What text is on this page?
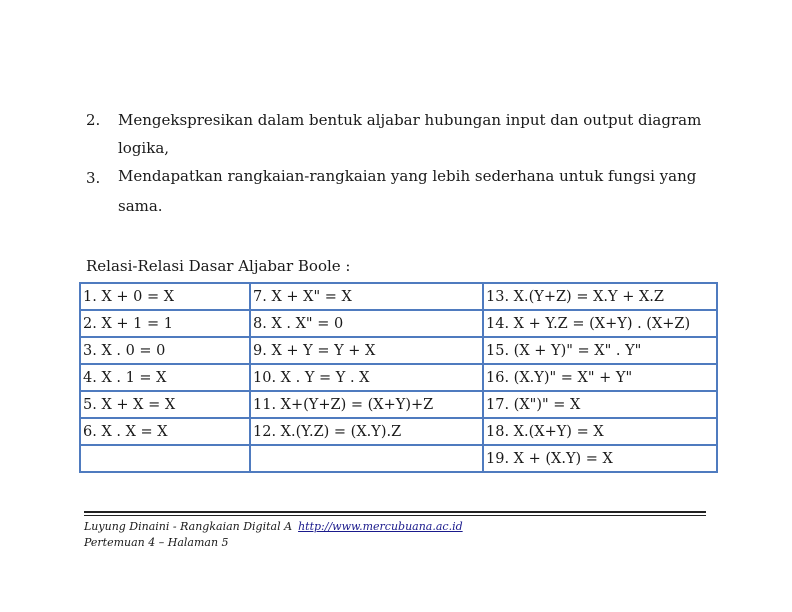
2. Mengekspresikan dalam bentuk aljabar hubungan input dan output diagram
logika,
3. Mendapatkan rangkaian-rangkaian yang lebih sederhana untuk fungsi yang
sama.
Relasi-Relasi Dasar Aljabar Boole :
1. X + 0 = X	7. X + X" = X	13. X.(Y+Z) = X.Y + X.Z
2. X + 1 = 1	8. X . X" = 0	14. X + Y.Z = (X+Y) . (X+Z)
3. X . 0 = 0	9. X + Y = Y + X	15. (X + Y)" = X" . Y"
4. X . 1 = X	10. X . Y = Y . X	16. (X.Y)" = X" + Y"
5. X + X = X	11. X+(Y+Z) = (X+Y)+Z	17. (X")" = X
6. X . X = X	12. X.(Y.Z) = (X.Y).Z	18. X.(X+Y) = X
		19. X + (X.Y) = X
Luyung Dinaini - Rangkaian Digital A http://www.mercubuana.ac.id
Pertemuan 4 – Halaman 5
